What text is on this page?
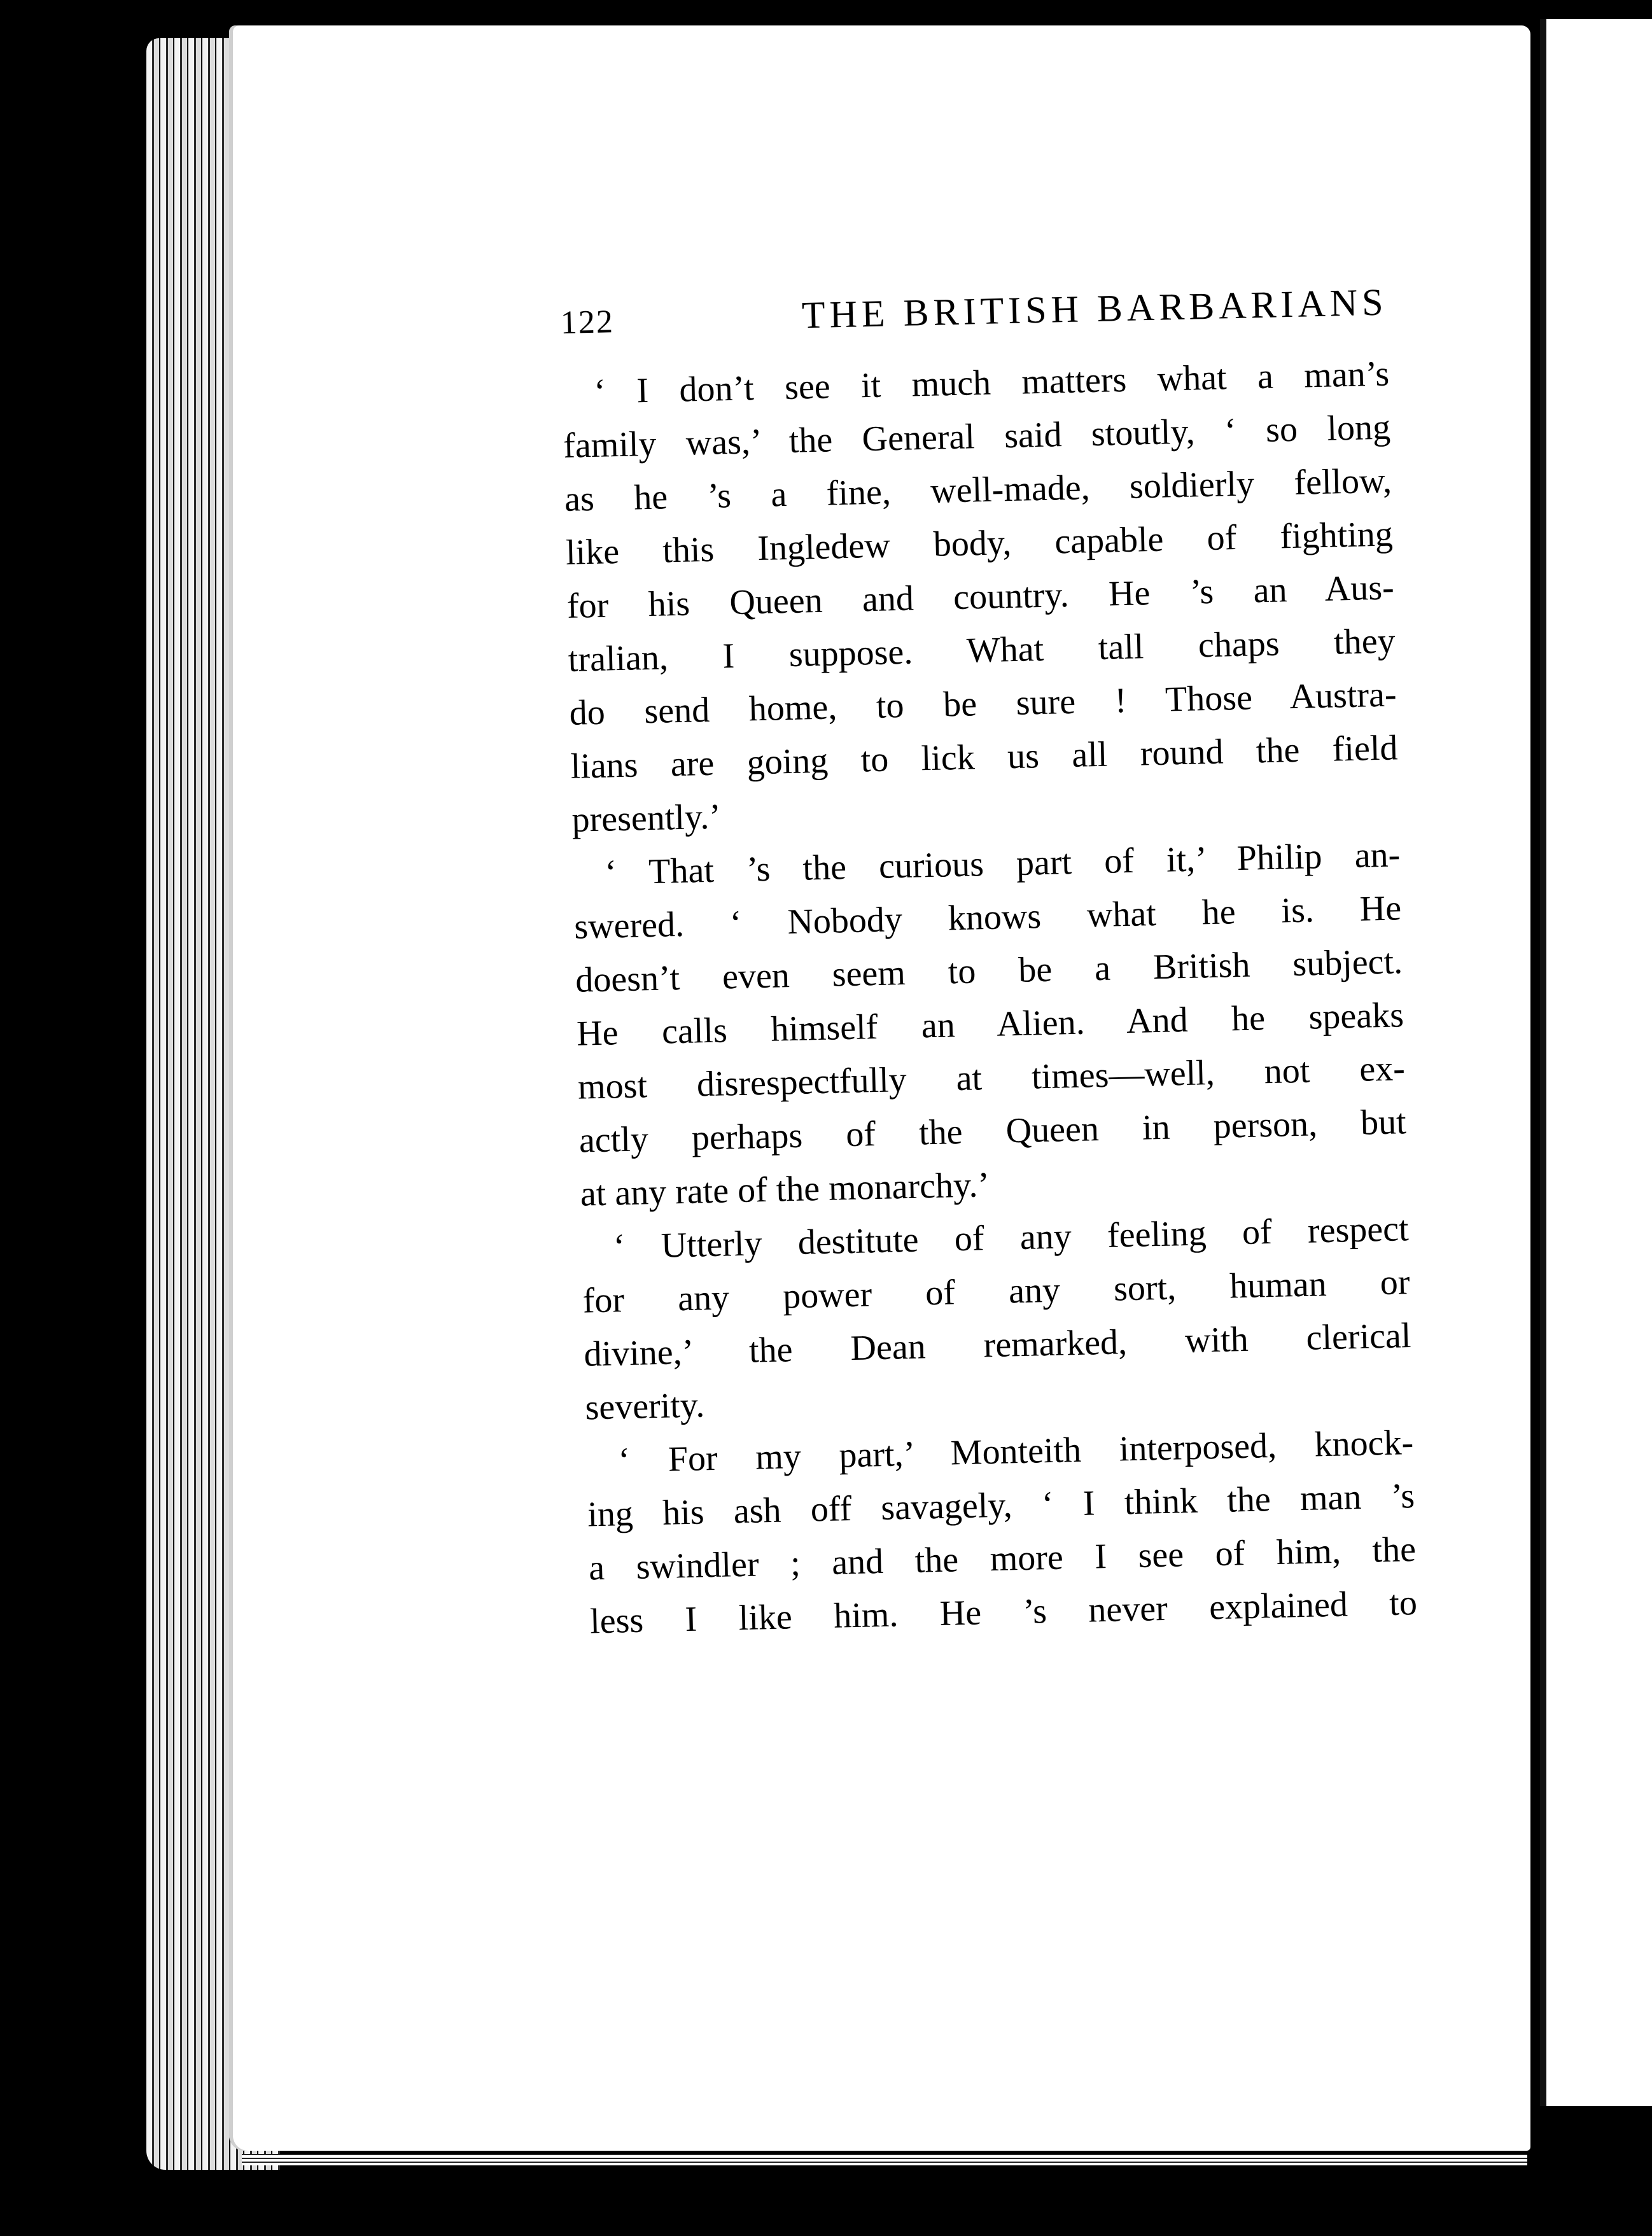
122	THE BRITISH BARBARIANS
‘ I don’t see it much matters what a man’s
family was,’ the General said stoutly, ‘ so long
as he ’s a fine, well-made, soldierly fellow,
like this Ingledew body, capable of fighting
for his Queen and country. He ’s an Aus-
tralian, I suppose. What tall chaps they
do send home, to be sure ! Those Austra-
lians are going to lick us all round the field
presently.’
‘ That ’s the curious part of it,’ Philip an-
swered. ‘ Nobody knows what he is. He
doesn’t even seem to be a British subject.
He calls himself an Alien. And he speaks
most disrespectfully at times—well, not ex-
actly perhaps of the Queen in person, but
at any rate of the monarchy.’
‘ Utterly destitute of any feeling of respect
for any power of any sort, human or
divine,’ the Dean remarked, with clerical
severity.
‘ For my part,’ Monteith interposed, knock-
ing his ash off savagely, ‘ I think the man ’s
a swindler ; and the more I see of him, the
less I like him. He ’s never explained to
